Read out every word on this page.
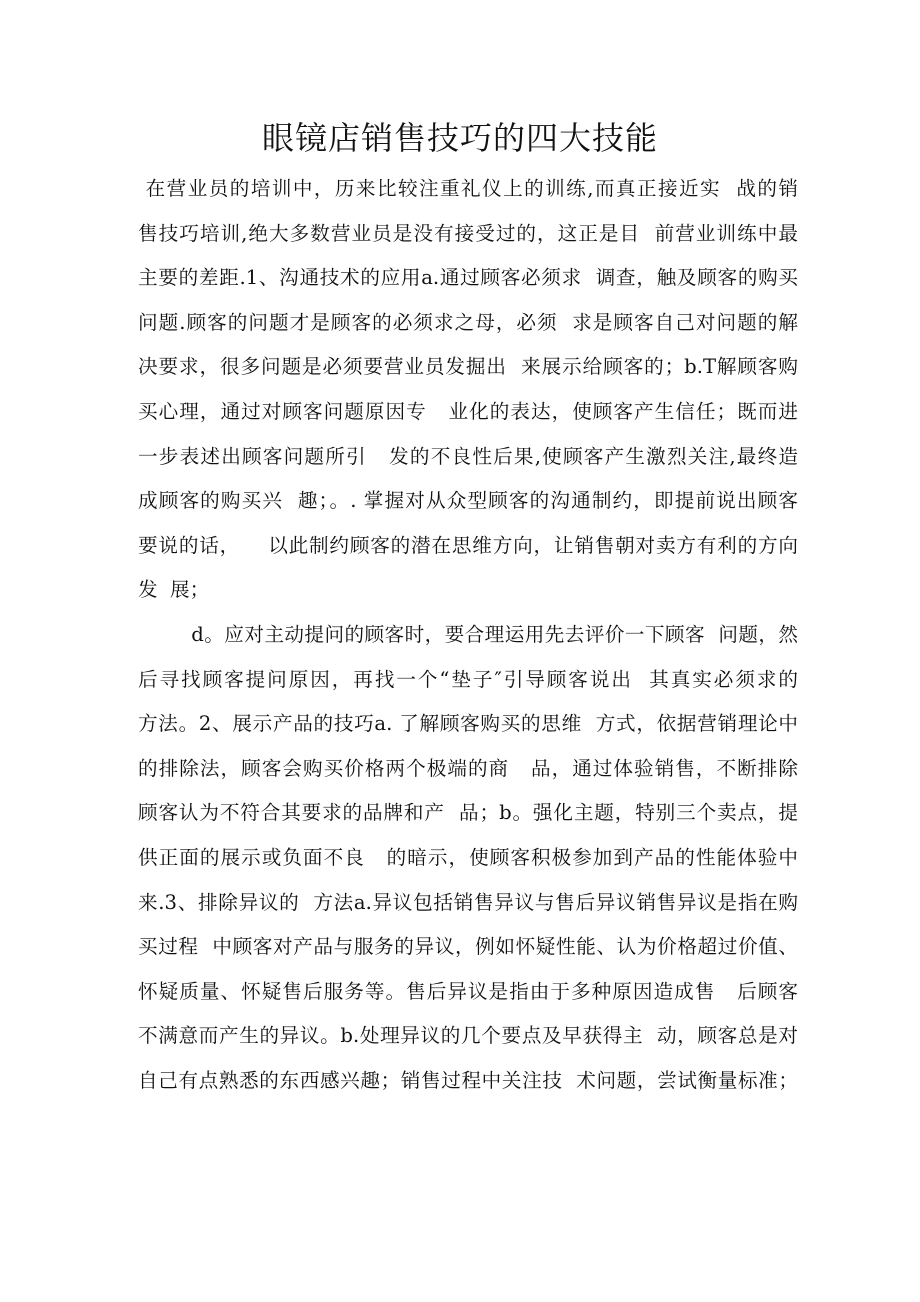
眼镜店销售技巧的四大技能
在营业员的培训中，历来比较注重礼仪上的训练,而真正接近实  战的销
售技巧培训,绝大多数营业员是没有接受过的，这正是目  前营业训练中最
主要的差距.1、沟通技术的应用a.通过顾客必须求  调查，触及顾客的购买
问题.顾客的问题才是顾客的必须求之母，必须  求是顾客自己对问题的解
决要求，很多问题是必须要营业员发掘出  来展示给顾客的；b.T解顾客购
买心理，通过对顾客问题原因专   业化的表达，使顾客产生信任；既而进
一步表述出顾客问题所引   发的不良性后果,使顾客产生激烈关注,最终造
成顾客的购买兴  趣；。. 掌握对从众型顾客的沟通制约，即提前说出顾客
要说的话，    以此制约顾客的潜在思维方向，让销售朝对卖方有利的方向
发  展；
d。应对主动提问的顾客时，要合理运用先去评价一下顾客  问题，然
后寻找顾客提问原因，再找一个“垫子″引导顾客说出  其真实必须求的
方法。2、展示产品的技巧a. 了解顾客购买的思维  方式，依据营销理论中
的排除法，顾客会购买价格两个极端的商   品，通过体验销售，不断排除
顾客认为不符合其要求的品牌和产  品；b。强化主题，特别三个卖点，提
供正面的展示或负面不良   的暗示，使顾客积极参加到产品的性能体验中
来.3、排除异议的  方法a.异议包括销售异议与售后异议销售异议是指在购
买过程  中顾客对产品与服务的异议，例如怀疑性能、认为价格超过价值、
怀疑质量、怀疑售后服务等。售后异议是指由于多种原因造成售   后顾客
不满意而产生的异议。b.处理异议的几个要点及早获得主  动，顾客总是对
自己有点熟悉的东西感兴趣；销售过程中关注技  术问题，尝试衡量标准；
